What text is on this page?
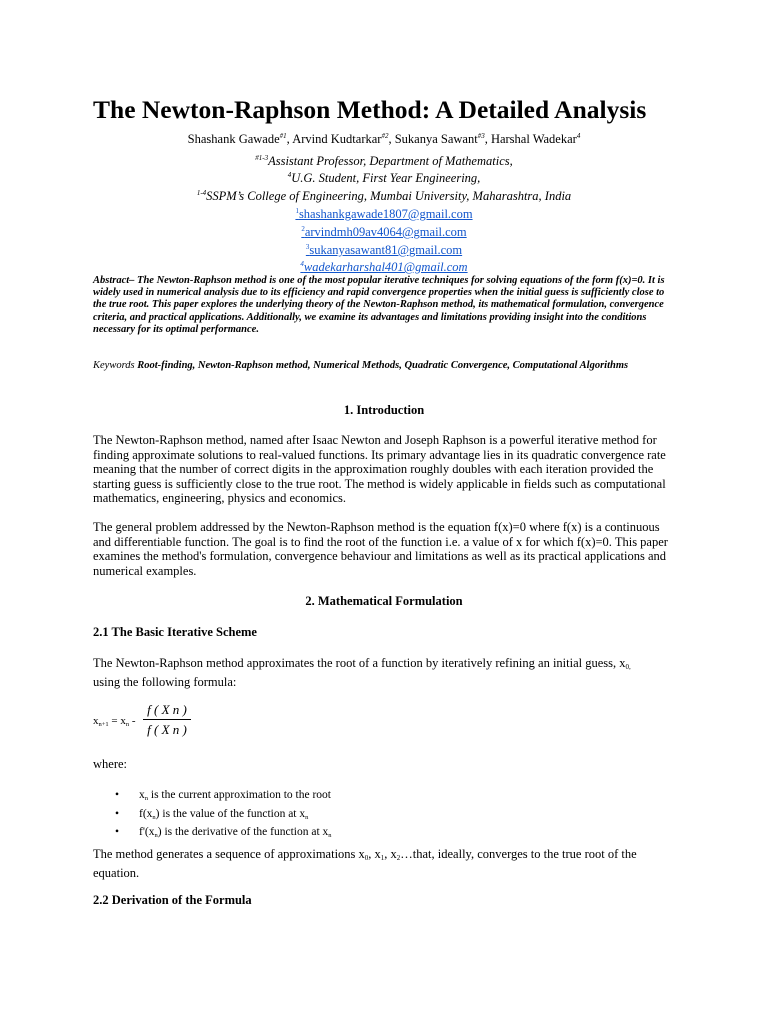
The Newton-Raphson Method: A Detailed Analysis
Shashank Gawade$^{\#1}$, Arvind Kudtarkar$^{\#2}$, Sukanya Sawant$^{\#3}$, Harshal Wadekar$^4$
$^{\#1-3}$Assistant Professor, Department of Mathematics,
$^4$U.G. Student, First Year Engineering,
$^{1-4}$SSPM’s College of Engineering, Mumbai University, Maharashtra, India
$^1$shashankgawade1807@gmail.com
$^2$arvindmh09av4064@gmail.com
$^3$sukanyasawant81@gmail.com
$^4$wadekarharshal401@gmail.com
Abstract– The Newton-Raphson method is one of the most popular iterative techniques for solving equations of the form f(x)=0. It is widely used in numerical analysis due to its efficiency and rapid convergence properties when the initial guess is sufficiently close to the true root. This paper explores the underlying theory of the Newton-Raphson method, its mathematical formulation, convergence criteria, and practical applications. Additionally, we examine its advantages and limitations providing insight into the conditions necessary for its optimal performance.
Keywords Root-finding, Newton-Raphson method, Numerical Methods, Quadratic Convergence, Computational Algorithms
1. Introduction
The Newton-Raphson method, named after Isaac Newton and Joseph Raphson is a powerful iterative method for finding approximate solutions to real-valued functions. Its primary advantage lies in its quadratic convergence rate meaning that the number of correct digits in the approximation roughly doubles with each iteration provided the starting guess is sufficiently close to the true root. The method is widely applicable in fields such as computational mathematics, engineering, physics and economics.
The general problem addressed by the Newton-Raphson method is the equation f(x)=0 where f(x) is a continuous and differentiable function. The goal is to find the root of the function i.e. a value of x for which f(x)=0. This paper examines the method's formulation, convergence behaviour and limitations as well as its practical applications and numerical examples.
2. Mathematical Formulation
2.1 The Basic Iterative Scheme
The Newton-Raphson method approximates the root of a function by iteratively refining an initial guess, $x_{0,}$
using the following formula:
$x_{n+1} = x_n$ -
f ( X n )
f ( X n )
where:
• $x_n$ is the current approximation to the root
• $f(x_n)$ is the value of the function at $x_n$
• $f'(x_n)$ is the derivative of the function at $x_n$
The method generates a sequence of approximations $x_0$, $x_1$, $x_2\dots that$, ideally, converges to the true root of the equation.
2.2 Derivation of the Formula
